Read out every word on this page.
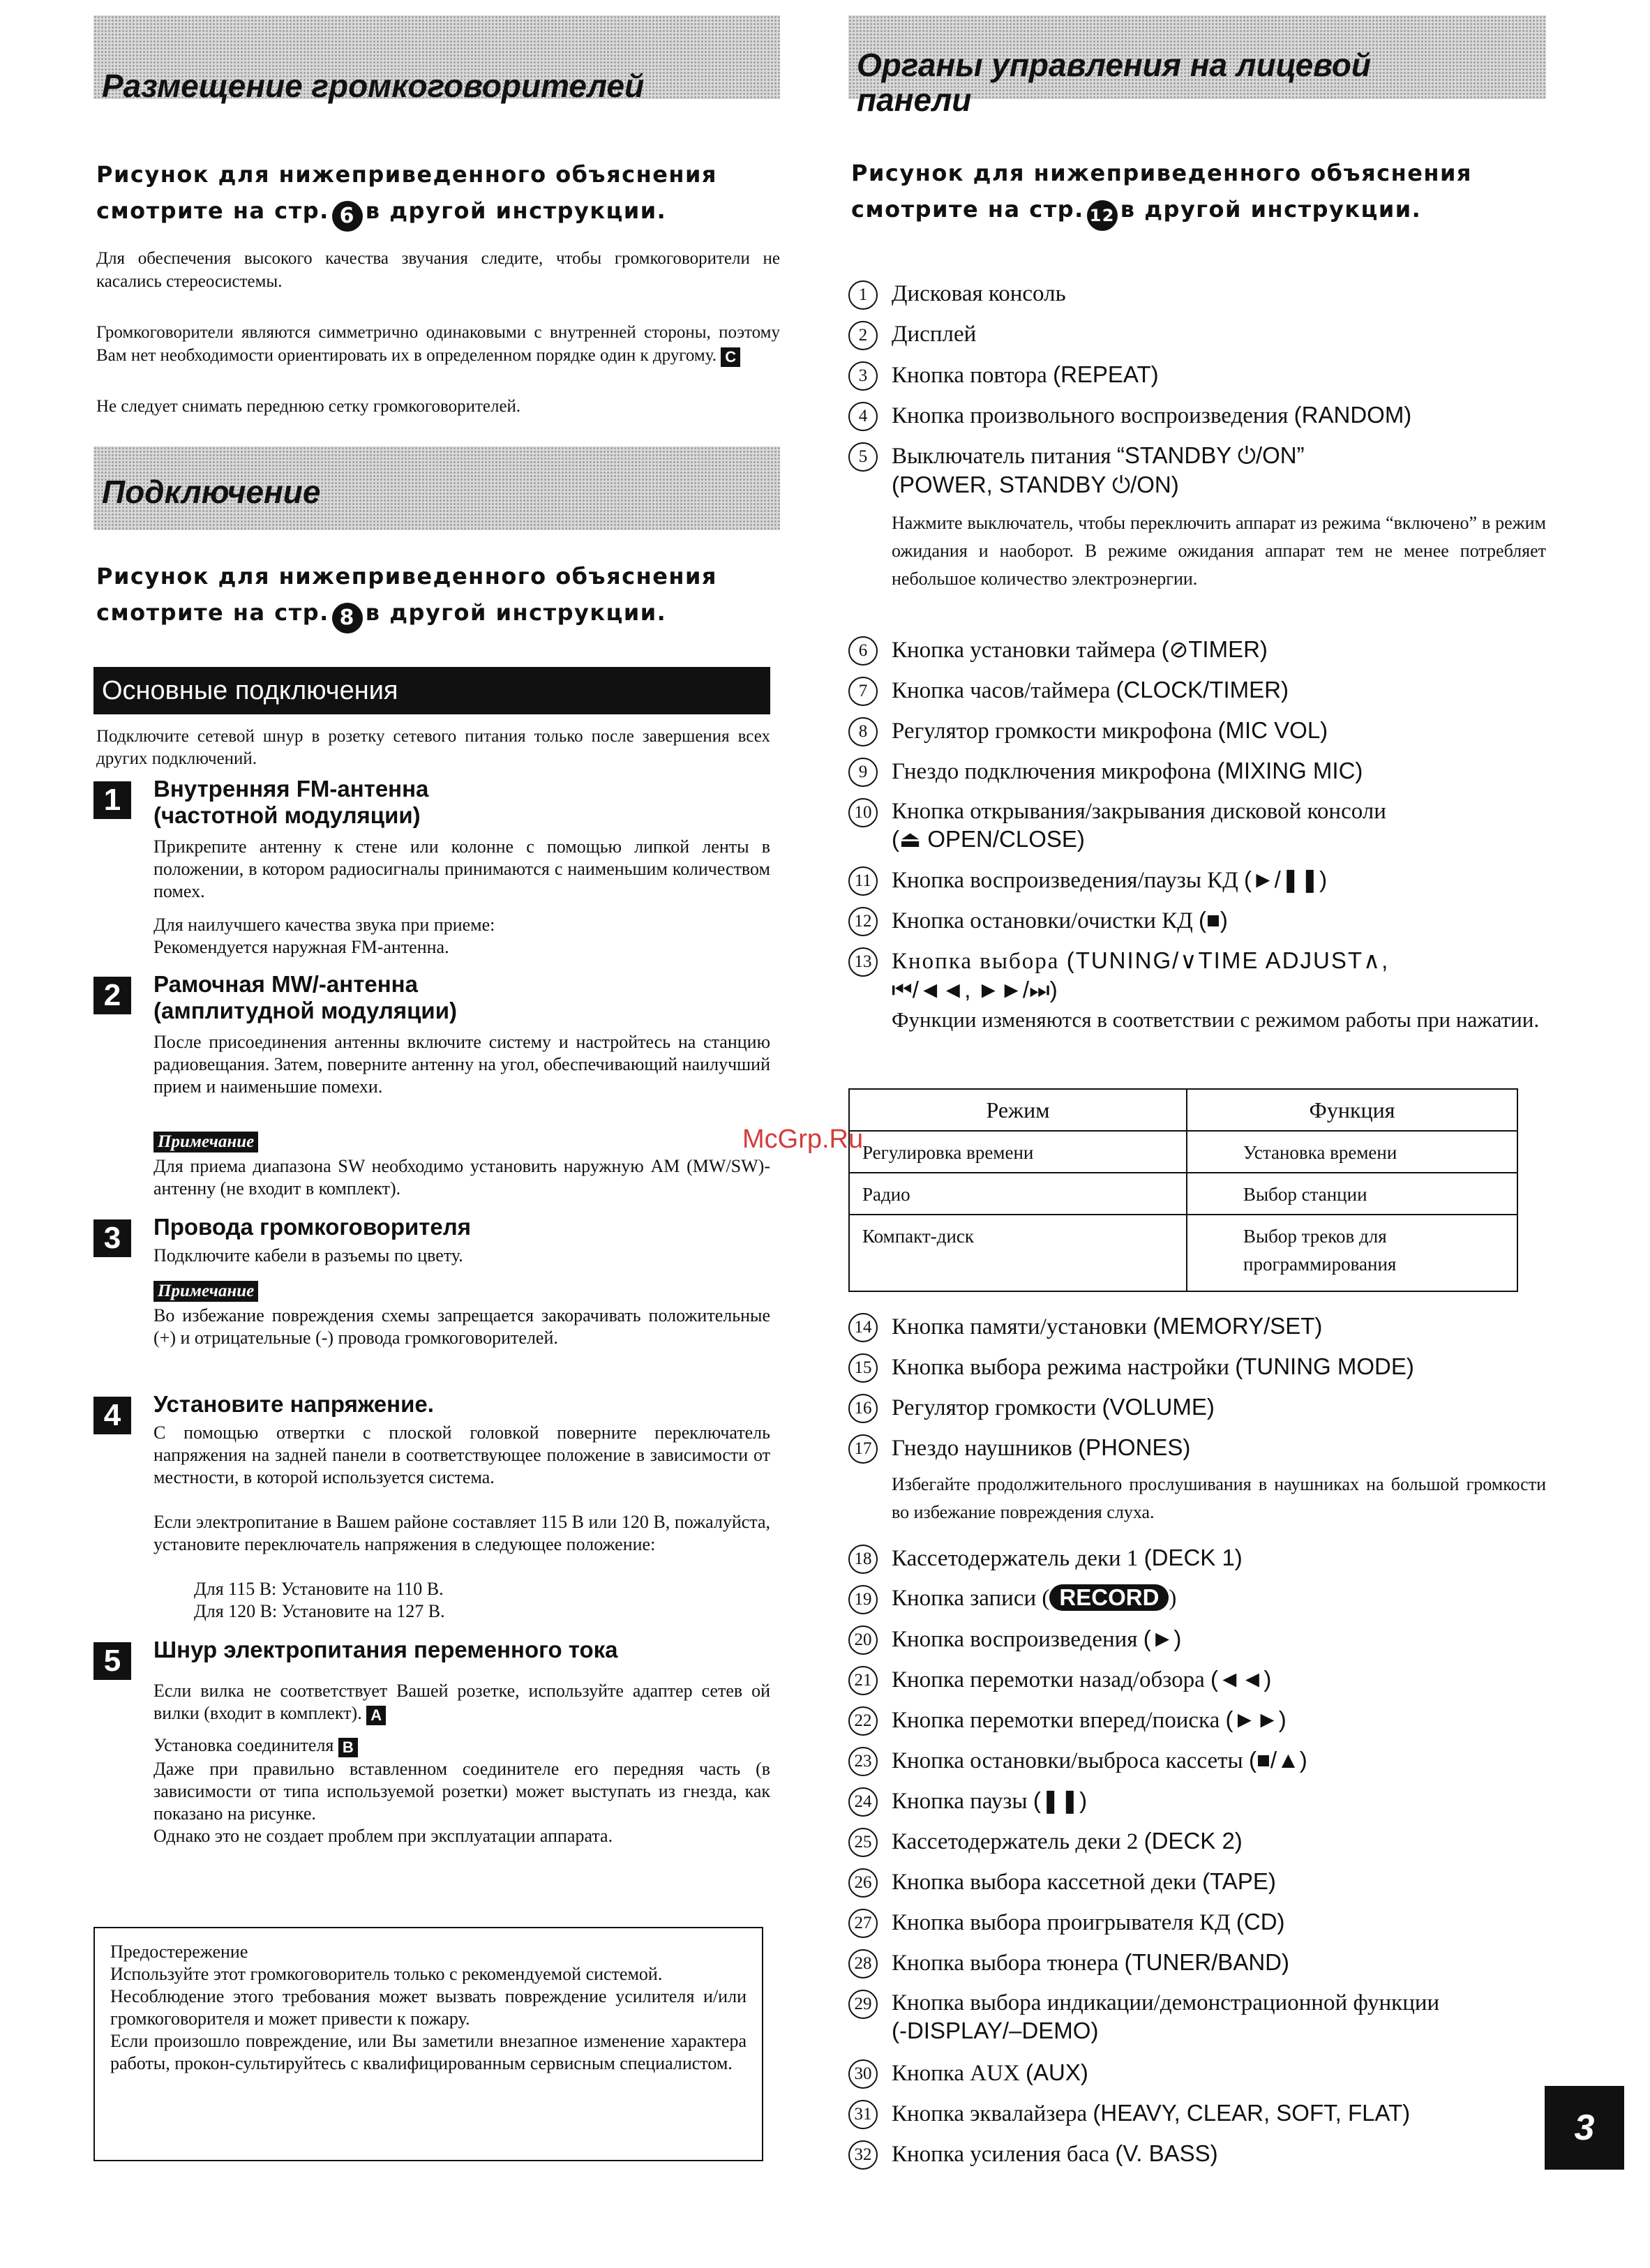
Размещение громкоговорителей
Рисунок для нижеприведенного объяснения
смотрите на стр. 6 в другой инструкции.
Для обеспечения высокого качества звучания следите, чтобы громкоговорители не касались стереосистемы.
Громкоговорители являются симметрично одинаковыми с внутренней стороны, поэтому Вам нет необходимости ориентировать их в определенном порядке один к другому. C
Не следует снимать переднюю сетку громкоговорителей.
Подключение
Рисунок для нижеприведенного объяснения
смотрите на стр. 8 в другой инструкции.
Основные подключения
Подключите сетевой шнур в розетку сетевого питания только после завершения всех других подключений.
1	Внутренняя FM-антенна (частотной модуляции)
Прикрепите антенну к стене или колонне с помощью липкой ленты в положении, в котором радиосигналы принимаются с наименьшим количеством помех.
Для наилучшего качества звука при приеме:
Рекомендуется наружная FM-антенна.
2	Рамочная MW/-антенна (амплитудной модуляции)
После присоединения антенны включите систему и настройтесь на станцию радиовещания. Затем, поверните антенну на угол, обеспечивающий наилучший прием и наименьшие помехи.
Примечание
Для приема диапазона SW необходимо установить наружную AM (MW/SW)-антенну (не входит в комплект).
3	Провода громкоговорителя
Подключите кабели в разъемы по цвету.
Примечание
Во избежание повреждения схемы запрещается закорачивать положительные (+) и отрицательные (-) провода громкоговорителей.
4	Установите напряжение.
С помощью отвертки с плоской головкой поверните переключатель напряжения на задней панели в соответствующее положение в зависимости от местности, в которой используется система.
Если электропитание в Вашем районе составляет 115 В или 120 В, пожалуйста, установите переключатель напряжения в следующее положение:
Для 115 В: Установите на 110 В.
Для 120 В: Установите на 127 В.
5	Шнур электропитания переменного тока
Если вилка не соответствует Вашей розетке, используйте адаптер сетев ой вилки (входит в комплект). A
Установка соединителя B
Даже при правильно вставленном соединителе его передняя часть (в зависимости от типа используемой розетки) может выступать из гнезда, как показано на рисунке.
Однако это не создает проблем при эксплуатации аппарата.
Предостережение
Используйте этот громкоговоритель только с рекомендуемой системой.
Несоблюдение этого требования может вызвать повреждение усилителя и/или громкоговорителя и может привести к пожару.
Если произошло повреждение, или Вы заметили внезапное изменение характера работы, прокон-сультируйтесь с квалифицированным сервисным специалистом.
Органы управления на лицевой панели
Рисунок для нижеприведенного объяснения
смотрите на стр. 12 в другой инструкции.
1	Дисковая консоль
2	Дисплей
3	Кнопка повтора (REPEAT)
4	Кнопка произвольного воспроизведения (RANDOM)
5	Выключатель питания “STANDBY ⏻/ON”
(POWER, STANDBY ⏻/ON)
Нажмите выключатель, чтобы переключить аппарат из режима “включено” в режим ожидания и наоборот. В режиме ожидания аппарат тем не менее потребляет небольшое количество электроэнергии.
6	Кнопка установки таймера (⊘TIMER)
7	Кнопка часов/таймера (CLOCK/TIMER)
8	Регулятор громкости микрофона (MIC VOL)
9	Гнездо подключения микрофона (MIXING MIC)
10 Кнопка открывания/закрывания дисковой консоли
(⏏ OPEN/CLOSE)
11 Кнопка воспроизведения/паузы КД (►/❚❚)
12 Кнопка остановки/очистки КД (■)
13 Кнопка выбора (TUNING/∨TIME ADJUST∧,
⏮/◄◄, ►►/⏭)
Функции изменяются в соответствии с режимом работы при нажатии.
Режим	Функция
Регулировка времени	Установка времени
Радио	Выбор станции
Компакт-диск	Выбор треков для программирования
14 Кнопка памяти/установки (MEMORY/SET)
15 Кнопка выбора режима настройки (TUNING MODE)
16 Регулятор громкости (VOLUME)
17 Гнездо наушников (PHONES)
Избегайте продолжительного прослушивания в наушниках на большой громкости во избежание повреждения слуха.
18 Кассетодержатель деки 1 (DECK 1)
19 Кнопка записи ( RECORD )
20 Кнопка воспроизведения (►)
21 Кнопка перемотки назад/обзора (◄◄)
22 Кнопка перемотки вперед/поиска (►►)
23 Кнопка остановки/выброса кассеты (■/▲)
24 Кнопка паузы (❚❚)
25 Кассетодержатель деки 2 (DECK 2)
26 Кнопка выбора кассетной деки (TAPE)
27 Кнопка выбора проигрывателя КД (CD)
28 Кнопка выбора тюнера (TUNER/BAND)
29 Кнопка выбора индикации/демонстрационной функции
(-DISPLAY/–DEMO)
30 Кнопка AUX (AUX)
31 Кнопка эквалайзера (HEAVY, CLEAR, SOFT, FLAT)
32 Кнопка усиления баса (V. BASS)
McGrp.Ru
3
